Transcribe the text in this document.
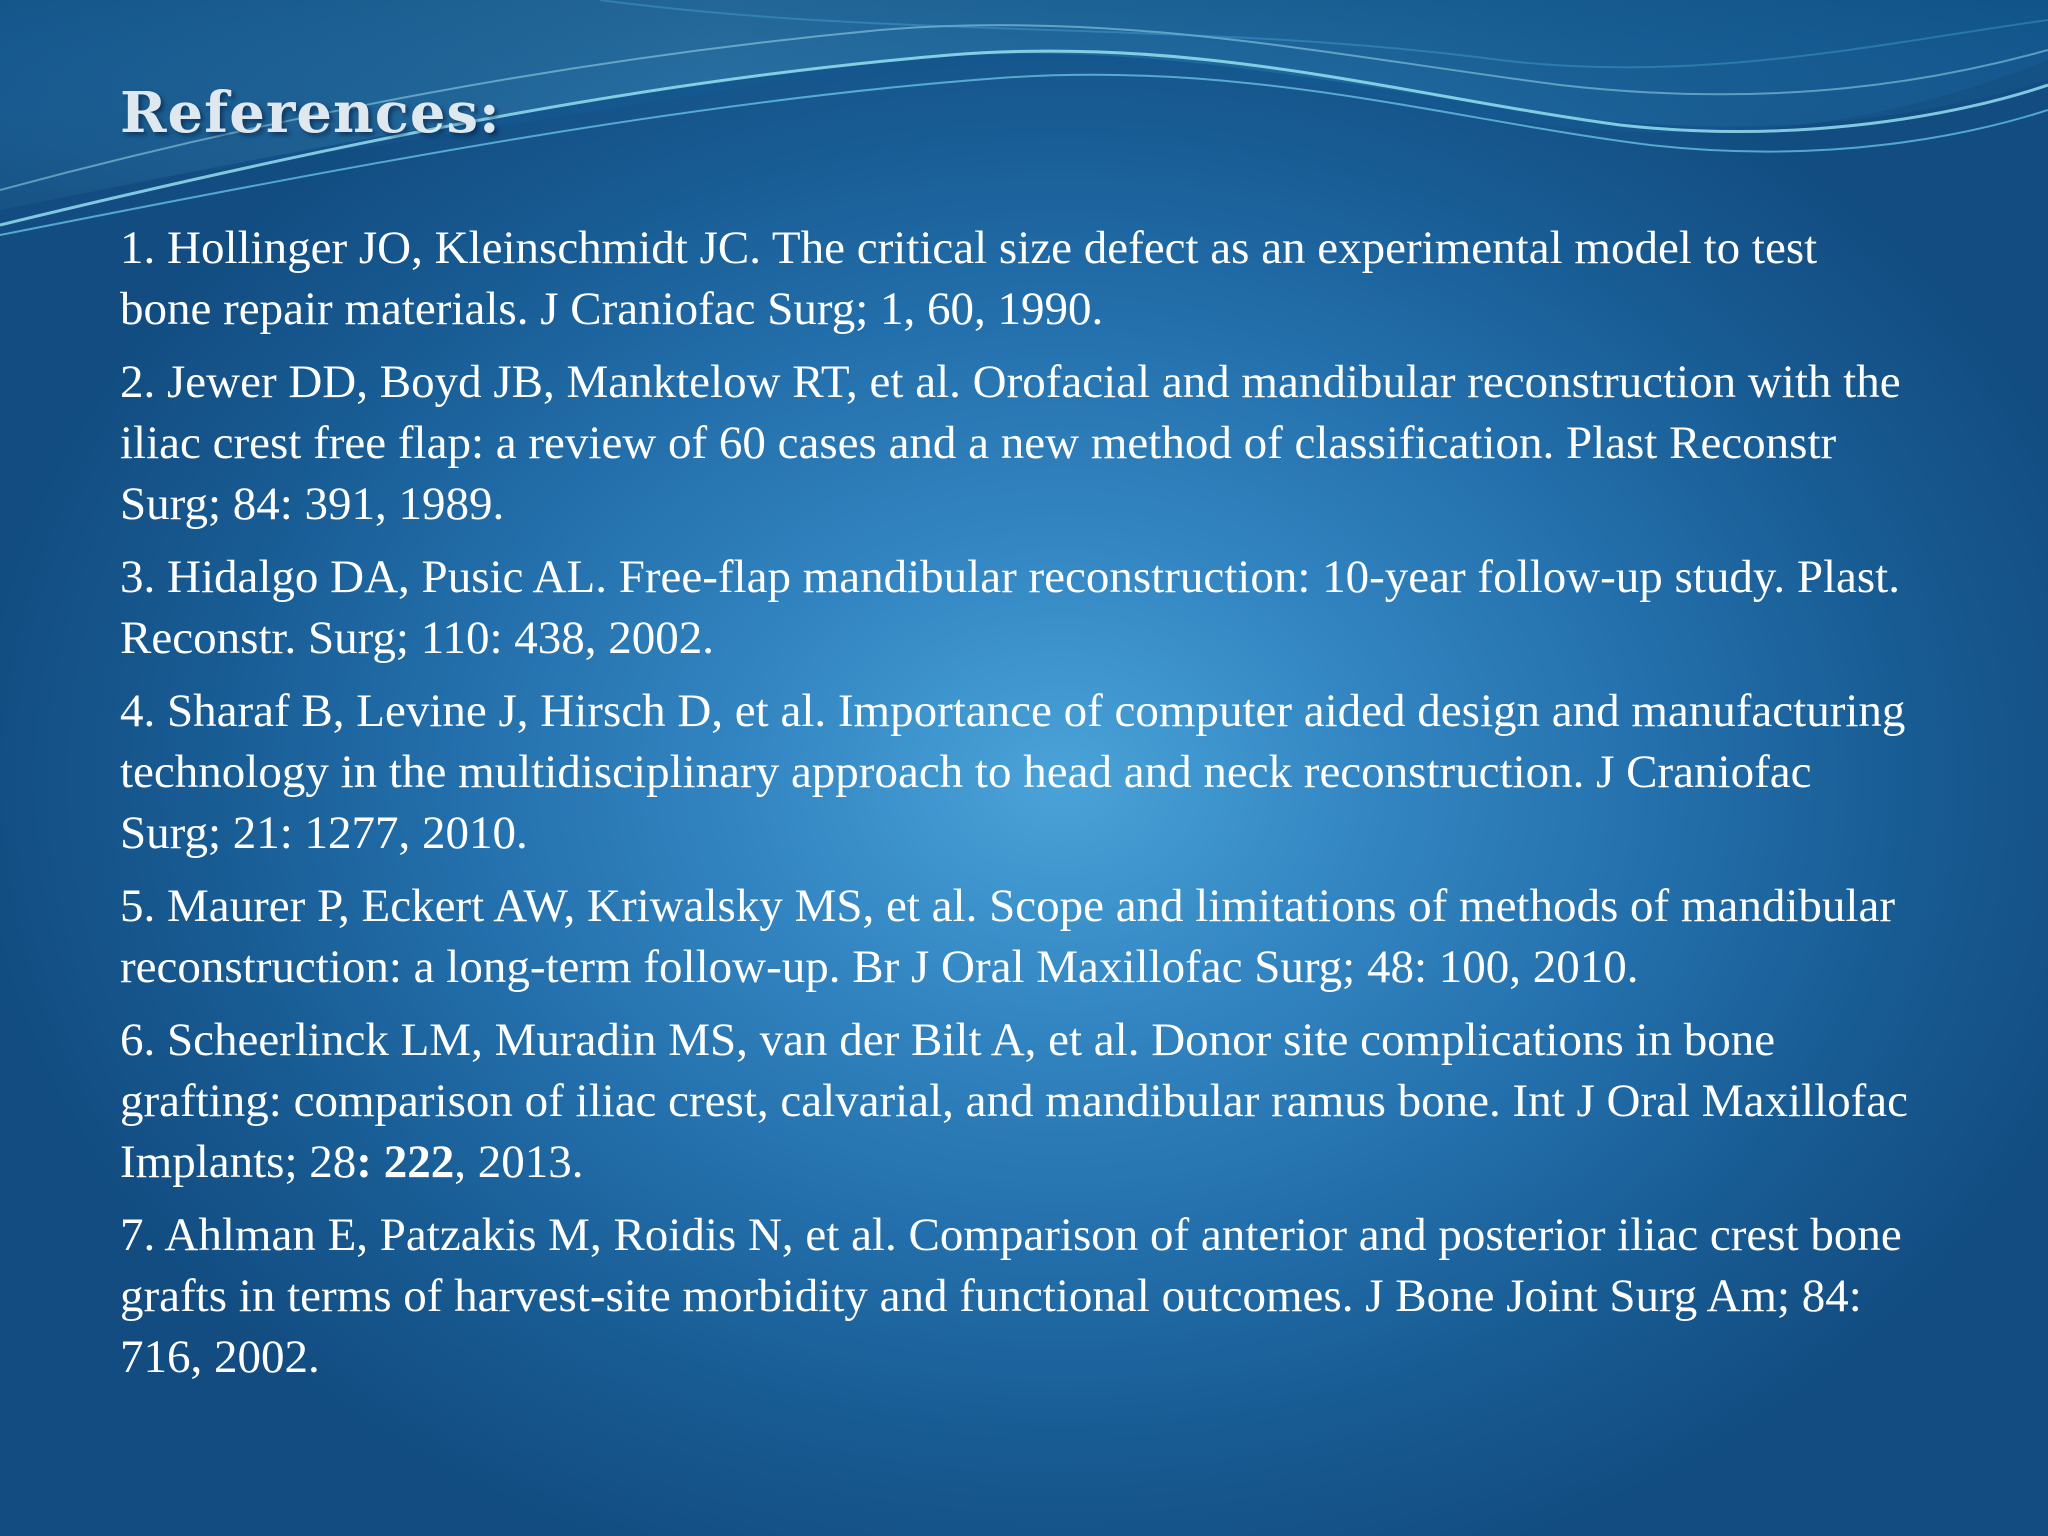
References:
1. Hollinger JO, Kleinschmidt JC. The critical size defect as an experimental model to test bone repair materials. J Craniofac Surg; 1, 60, 1990.
2. Jewer DD, Boyd JB, Manktelow RT, et al. Orofacial and mandibular reconstruction with the iliac crest free flap: a review of 60 cases and a new method of classification. Plast Reconstr Surg; 84: 391, 1989.
3. Hidalgo DA, Pusic AL. Free-flap mandibular reconstruction: 10-year follow-up study. Plast. Reconstr. Surg; 110: 438, 2002.
4. Sharaf B, Levine J, Hirsch D, et al. Importance of computer aided design and manufacturing technology in the multidisciplinary approach to head and neck reconstruction. J Craniofac Surg; 21: 1277, 2010.
5. Maurer P, Eckert AW, Kriwalsky MS, et al. Scope and limitations of methods of mandibular reconstruction: a long-term follow-up. Br J Oral Maxillofac Surg; 48: 100, 2010.
6. Scheerlinck LM, Muradin MS, van der Bilt A, et al. Donor site complications in bone grafting: comparison of iliac crest, calvarial, and mandibular ramus bone. Int J Oral Maxillofac Implants; 28: 222, 2013.
7. Ahlman E, Patzakis M, Roidis N, et al. Comparison of anterior and posterior iliac crest bone grafts in terms of harvest-site morbidity and functional outcomes. J Bone Joint Surg Am; 84: 716, 2002.
